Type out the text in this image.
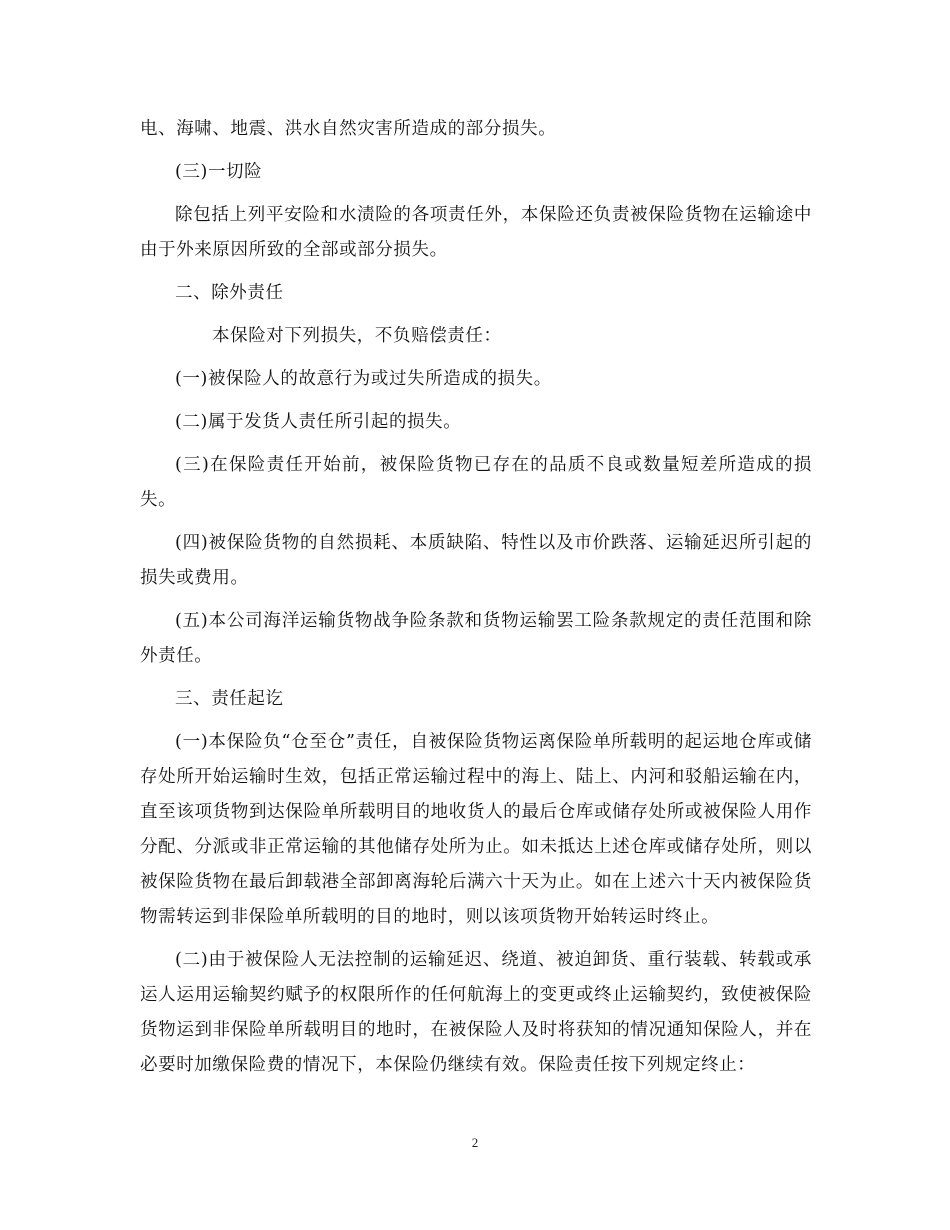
电、海啸、地震、洪水自然灾害所造成的部分损失。

(三)一切险

除包括上列平安险和水渍险的各项责任外，本保险还负责被保险货物在运输途中由于外来原因所致的全部或部分损失。

二、除外责任

本保险对下列损失，不负赔偿责任：

(一)被保险人的故意行为或过失所造成的损失。

(二)属于发货人责任所引起的损失。

(三)在保险责任开始前，被保险货物已存在的品质不良或数量短差所造成的损失。

(四)被保险货物的自然损耗、本质缺陷、特性以及市价跌落、运输延迟所引起的损失或费用。

(五)本公司海洋运输货物战争险条款和货物运输罢工险条款规定的责任范围和除外责任。

三、责任起讫

(一)本保险负“仓至仓”责任，自被保险货物运离保险单所载明的起运地仓库或储存处所开始运输时生效，包括正常运输过程中的海上、陆上、内河和驳船运输在内，直至该项货物到达保险单所载明目的地收货人的最后仓库或储存处所或被保险人用作分配、分派或非正常运输的其他储存处所为止。如未抵达上述仓库或储存处所，则以被保险货物在最后卸载港全部卸离海轮后满六十天为止。如在上述六十天内被保险货物需转运到非保险单所载明的目的地时，则以该项货物开始转运时终止。

(二)由于被保险人无法控制的运输延迟、绕道、被迫卸货、重行装载、转载或承运人运用运输契约赋予的权限所作的任何航海上的变更或终止运输契约，致使被保险货物运到非保险单所载明目的地时，在被保险人及时将获知的情况通知保险人，并在必要时加缴保险费的情况下，本保险仍继续有效。保险责任按下列规定终止：

2
